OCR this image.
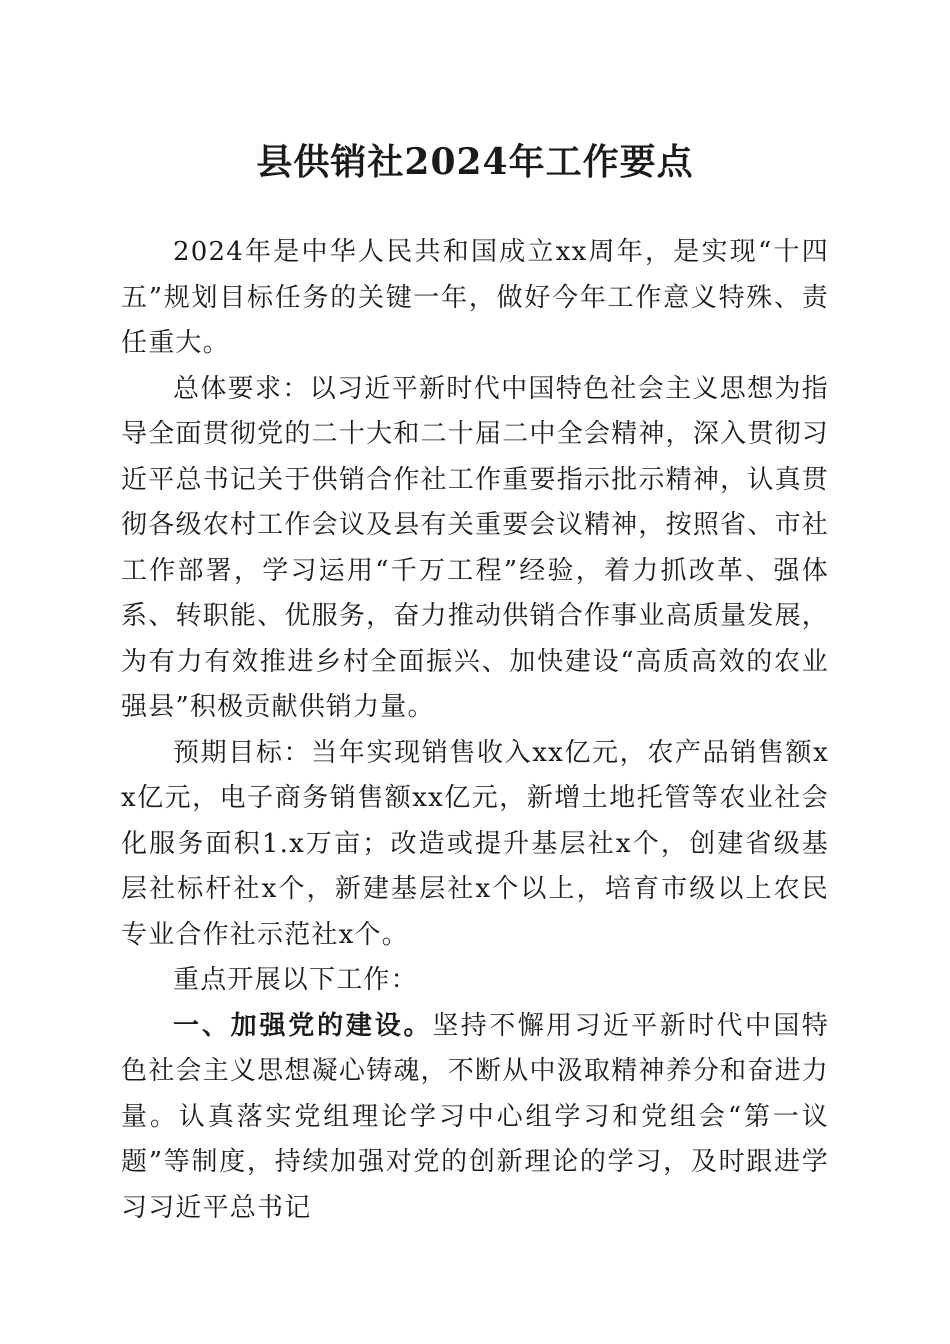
县供销社2024年工作要点

2024年是中华人民共和国成立xx周年，是实现“十四五”规划目标任务的关键一年，做好今年工作意义特殊、责任重大。

总体要求：以习近平新时代中国特色社会主义思想为指导全面贯彻党的二十大和二十届二中全会精神，深入贯彻习近平总书记关于供销合作社工作重要指示批示精神，认真贯彻各级农村工作会议及县有关重要会议精神，按照省、市社工作部署，学习运用“千万工程”经验，着力抓改革、强体系、转职能、优服务，奋力推动供销合作事业高质量发展，为有力有效推进乡村全面振兴、加快建设“高质高效的农业强县”积极贡献供销力量。

预期目标：当年实现销售收入xx亿元，农产品销售额xx亿元，电子商务销售额xx亿元，新增土地托管等农业社会化服务面积1.x万亩；改造或提升基层社x个，创建省级基层社标杆社x个，新建基层社x个以上，培育市级以上农民专业合作社示范社x个。

重点开展以下工作：

一、加强党的建设。坚持不懈用习近平新时代中国特色社会主义思想凝心铸魂，不断从中汲取精神养分和奋进力量。认真落实党组理论学习中心组学习和党组会“第一议题”等制度，持续加强对党的创新理论的学习，及时跟进学习习近平总书记
